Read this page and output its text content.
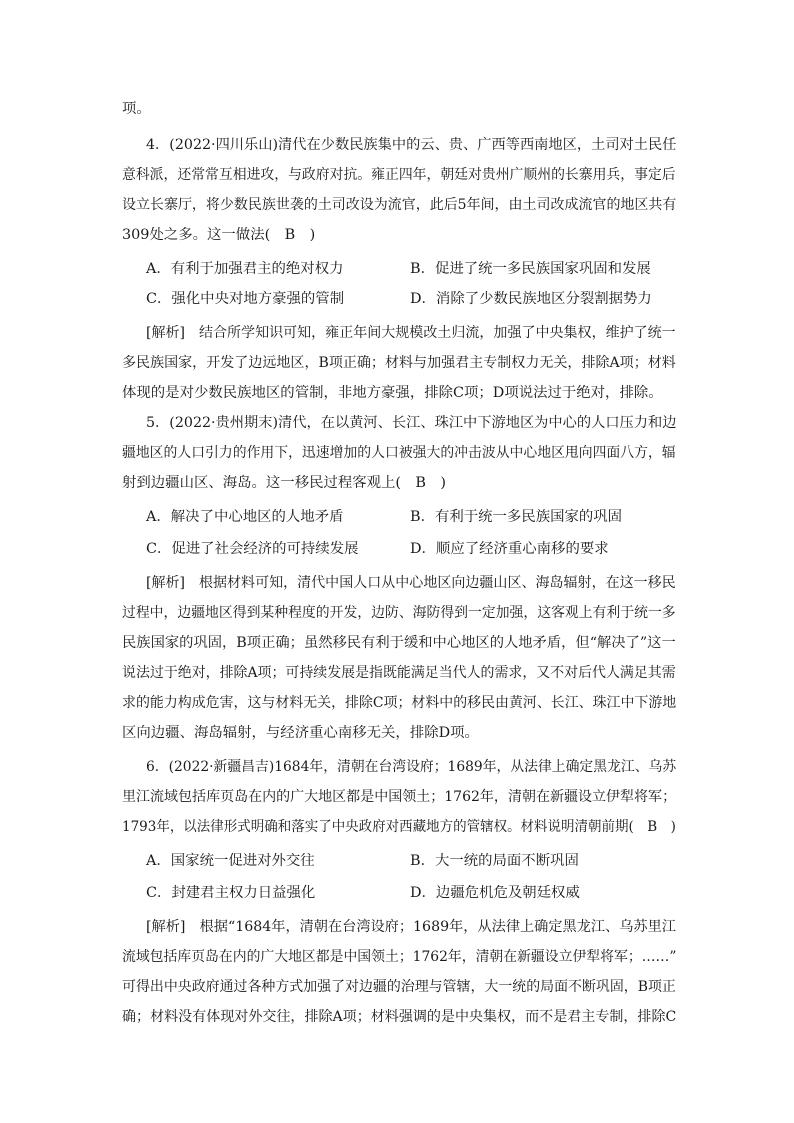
项。
4．(2022·四川乐山)清代在少数民族集中的云、贵、广西等西南地区，土司对土民任
意科派，还常常互相进攻，与政府对抗。雍正四年，朝廷对贵州广顺州的长寨用兵，事定后
设立长寨厅，将少数民族世袭的土司改设为流官，此后5年间，由土司改成流官的地区共有
309处之多。这一做法(　B　)
A．有利于加强君主的绝对权力	B．促进了统一多民族国家巩固和发展
C．强化中央对地方豪强的管制	D．消除了少数民族地区分裂割据势力
[解析]　结合所学知识可知，雍正年间大规模改土归流，加强了中央集权，维护了统一
多民族国家，开发了边远地区，B项正确；材料与加强君主专制权力无关，排除A项；材料
体现的是对少数民族地区的管制，非地方豪强，排除C项；D项说法过于绝对，排除。
5．(2022·贵州期末)清代，在以黄河、长江、珠江中下游地区为中心的人口压力和边
疆地区的人口引力的作用下，迅速增加的人口被强大的冲击波从中心地区甩向四面八方，辐
射到边疆山区、海岛。这一移民过程客观上(　B　)
A．解决了中心地区的人地矛盾	B．有利于统一多民族国家的巩固
C．促进了社会经济的可持续发展	D．顺应了经济重心南移的要求
[解析]　根据材料可知，清代中国人口从中心地区向边疆山区、海岛辐射，在这一移民
过程中，边疆地区得到某种程度的开发，边防、海防得到一定加强，这客观上有利于统一多
民族国家的巩固，B项正确；虽然移民有利于缓和中心地区的人地矛盾，但“解决了”这一
说法过于绝对，排除A项；可持续发展是指既能满足当代人的需求，又不对后代人满足其需
求的能力构成危害，这与材料无关，排除C项；材料中的移民由黄河、长江、珠江中下游地
区向边疆、海岛辐射，与经济重心南移无关，排除D项。
6．(2022·新疆昌吉)1684年，清朝在台湾设府；1689年，从法律上确定黑龙江、乌苏
里江流域包括库页岛在内的广大地区都是中国领土；1762年，清朝在新疆设立伊犁将军；
1793年，以法律形式明确和落实了中央政府对西藏地方的管辖权。材料说明清朝前期(　B　)
A．国家统一促进对外交往	B．大一统的局面不断巩固
C．封建君主权力日益强化	D．边疆危机危及朝廷权威
[解析]　根据“1684年，清朝在台湾设府；1689年，从法律上确定黑龙江、乌苏里江
流域包括库页岛在内的广大地区都是中国领土；1762年，清朝在新疆设立伊犁将军；……”
可得出中央政府通过各种方式加强了对边疆的治理与管辖，大一统的局面不断巩固，B项正
确；材料没有体现对外交往，排除A项；材料强调的是中央集权，而不是君主专制，排除C
